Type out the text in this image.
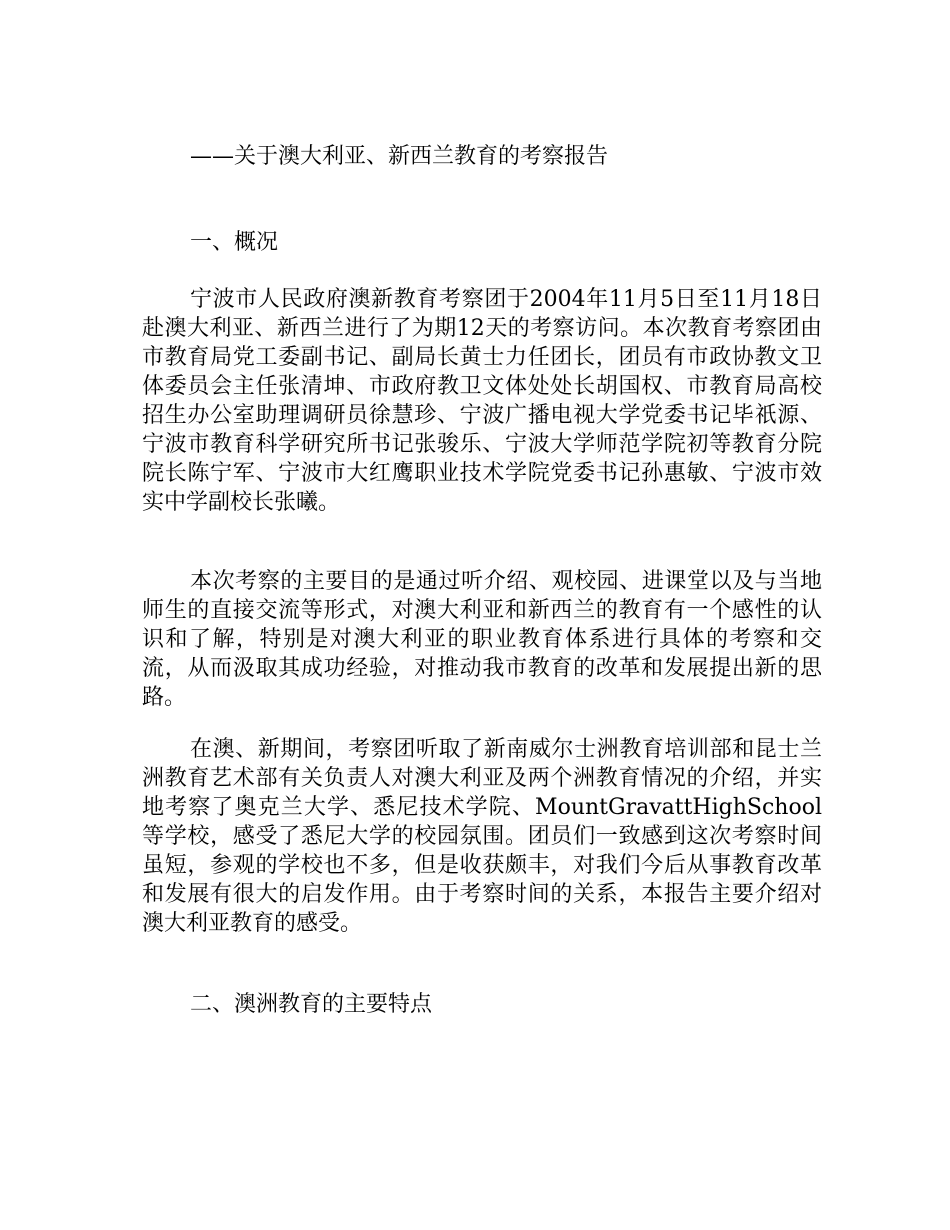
——关于澳大利亚、新西兰教育的考察报告

一、概况

宁波市人民政府澳新教育考察团于2004年11月5日至11月18日赴澳大利亚、新西兰进行了为期12天的考察访问。本次教育考察团由市教育局党工委副书记、副局长黄士力任团长，团员有市政协教文卫体委员会主任张清坤、市政府教卫文体处处长胡国权、市教育局高校招生办公室助理调研员徐慧珍、宁波广播电视大学党委书记毕祇源、宁波市教育科学研究所书记张骏乐、宁波大学师范学院初等教育分院院长陈宁军、宁波市大红鹰职业技术学院党委书记孙惠敏、宁波市效实中学副校长张曦。

本次考察的主要目的是通过听介绍、观校园、进课堂以及与当地师生的直接交流等形式，对澳大利亚和新西兰的教育有一个感性的认识和了解，特别是对澳大利亚的职业教育体系进行具体的考察和交流，从而汲取其成功经验，对推动我市教育的改革和发展提出新的思路。

在澳、新期间，考察团听取了新南威尔士洲教育培训部和昆士兰洲教育艺术部有关负责人对澳大利亚及两个洲教育情况的介绍，并实地考察了奥克兰大学、悉尼技术学院、MountGravattHighSchool等学校，感受了悉尼大学的校园氛围。团员们一致感到这次考察时间虽短，参观的学校也不多，但是收获颇丰，对我们今后从事教育改革和发展有很大的启发作用。由于考察时间的关系，本报告主要介绍对澳大利亚教育的感受。

二、澳洲教育的主要特点
